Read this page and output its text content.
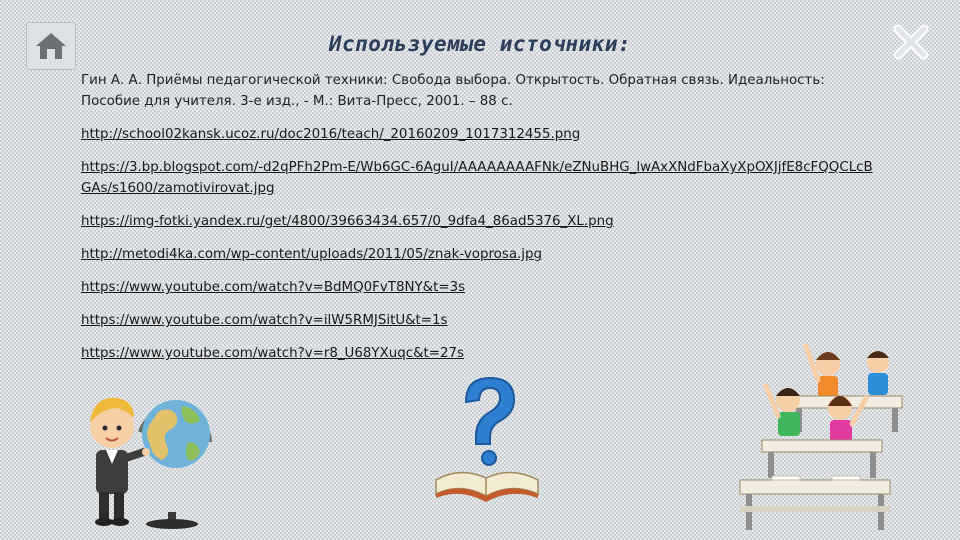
Используемые источники:
Гин А. А. Приёмы педагогической техники: Свобода выбора. Открытость. Обратная связь. Идеальность: Пособие для учителя. 3-е изд., - М.: Вита-Пресс, 2001. – 88 с.
http://school02kansk.ucoz.ru/doc2016/teach/_20160209_1017312455.png
https://3.bp.blogspot.com/-d2qPFh2Pm-E/Wb6GC-6AguI/AAAAAAAAFNk/eZNuBHG_lwAxXNdFbaXyXpOXJjfE8cFQQCLcBGAs/s1600/zamotivirovat.jpg
https://img-fotki.yandex.ru/get/4800/39663434.657/0_9dfa4_86ad5376_XL.png
http://metodi4ka.com/wp-content/uploads/2011/05/znak-voprosa.jpg
https://www.youtube.com/watch?v=BdMQ0FvT8NY&t=3s
https://www.youtube.com/watch?v=ilW5RMJSitU&t=1s
https://www.youtube.com/watch?v=r8_U68YXuqc&t=27s
